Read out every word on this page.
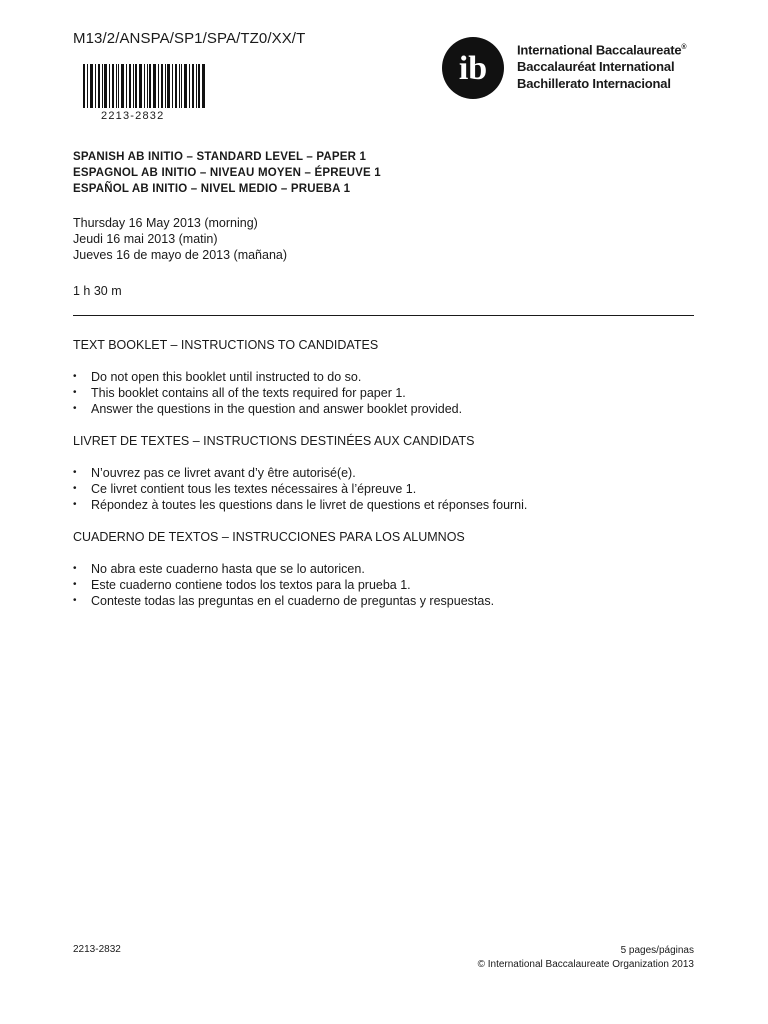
M13/2/ANSPA/SP1/SPA/TZ0/XX/T
2213-2832
ib
International Baccalaureate®
Baccalauréat International
Bachillerato Internacional
SPANISH AB INITIO – STANDARD LEVEL – PAPER 1
ESPAGNOL AB INITIO – NIVEAU MOYEN – ÉPREUVE 1
ESPAÑOL AB INITIO – NIVEL MEDIO – PRUEBA 1
Thursday 16 May 2013 (morning)
Jeudi 16 mai 2013 (matin)
Jueves 16 de mayo de 2013 (mañana)
1 h 30 m
TEXT BOOKLET – INSTRUCTIONS TO CANDIDATES
• Do not open this booklet until instructed to do so.
• This booklet contains all of the texts required for paper 1.
• Answer the questions in the question and answer booklet provided.
LIVRET DE TEXTES – INSTRUCTIONS DESTINÉES AUX CANDIDATS
• N’ouvrez pas ce livret avant d’y être autorisé(e).
• Ce livret contient tous les textes nécessaires à l’épreuve 1.
• Répondez à toutes les questions dans le livret de questions et réponses fourni.
CUADERNO DE TEXTOS – INSTRUCCIONES PARA LOS ALUMNOS
• No abra este cuaderno hasta que se lo autoricen.
• Este cuaderno contiene todos los textos para la prueba 1.
• Conteste todas las preguntas en el cuaderno de preguntas y respuestas.
2213-2832	5 pages/páginas
© International Baccalaureate Organization 2013
